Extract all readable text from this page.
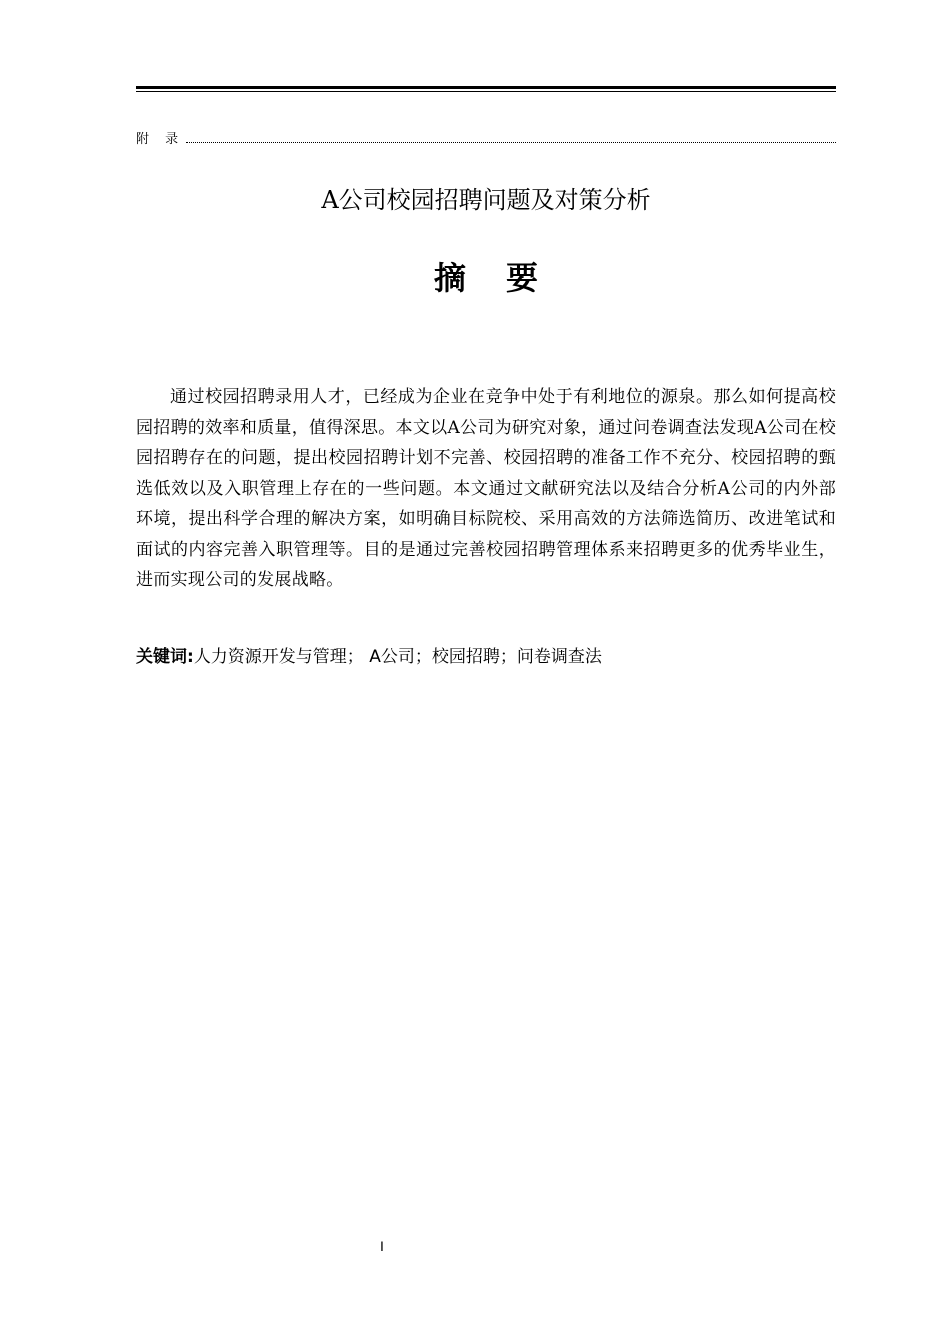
附 录
A公司校园招聘问题及对策分析
摘 要

通过校园招聘录用人才，已经成为企业在竞争中处于有利地位的源泉。那么如何提高校园招聘的效率和质量，值得深思。本文以A公司为研究对象，通过问卷调查法发现A公司在校园招聘存在的问题，提出校园招聘计划不完善、校园招聘的准备工作不充分、校园招聘的甄选低效以及入职管理上存在的一些问题。本文通过文献研究法以及结合分析A公司的内外部环境，提出科学合理的解决方案，如明确目标院校、采用高效的方法筛选简历、改进笔试和面试的内容完善入职管理等。目的是通过完善校园招聘管理体系来招聘更多的优秀毕业生，进而实现公司的发展战略。

关键词:人力资源开发与管理； A公司；校园招聘；问卷调查法
I
